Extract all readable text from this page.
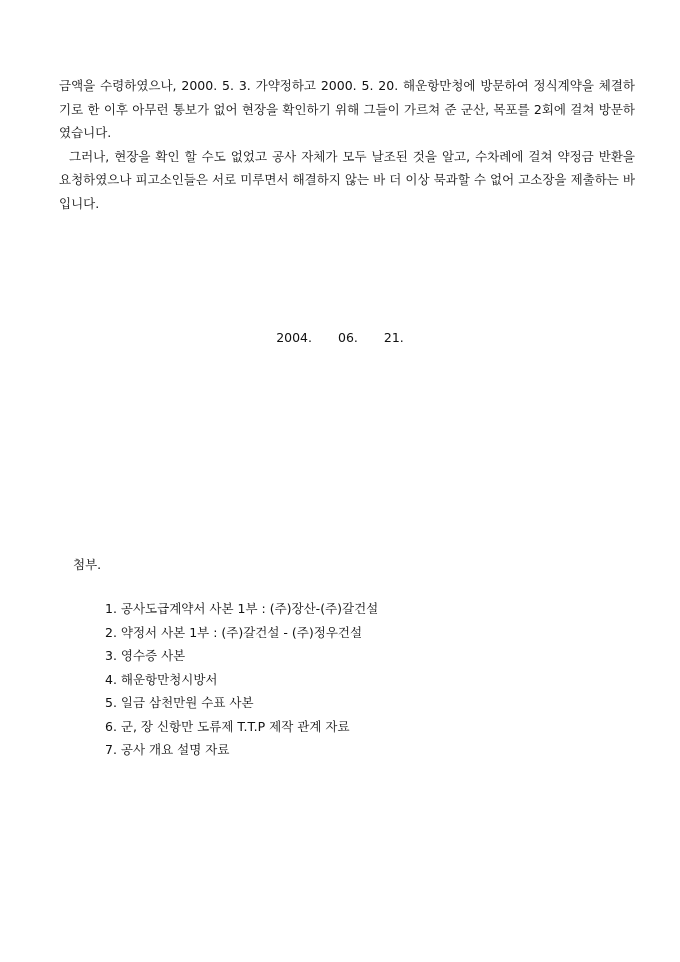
금액을 수령하였으나, 2000. 5. 3. 가약정하고 2000. 5. 20. 해운항만청에 방문하여 정식계약을 체결하기로 한 이후 아무런 통보가 없어 현장을 확인하기 위해 그들이 가르쳐 준 군산, 목포를 2회에 걸쳐 방문하였습니다.

그러나, 현장을 확인 할 수도 없었고 공사 자체가 모두 날조된 것을 알고, 수차례에 걸쳐 약정금 반환을 요청하였으나 피고소인들은 서로 미루면서 해결하지 않는 바 더 이상 묵과할 수 없어 고소장을 제출하는 바입니다.

2004. 06. 21.

첨부.

1. 공사도급계약서 사본 1부 : (주)장산-(주)갈건설
2. 약정서 사본 1부 : (주)갈건설 - (주)정우건설
3. 영수증 사본
4. 해운항만청시방서
5. 일금 삼천만원 수표 사본
6. 군, 장 신항만 도류제 T.T.P 제작 관계 자료
7. 공사 개요 설명 자료
